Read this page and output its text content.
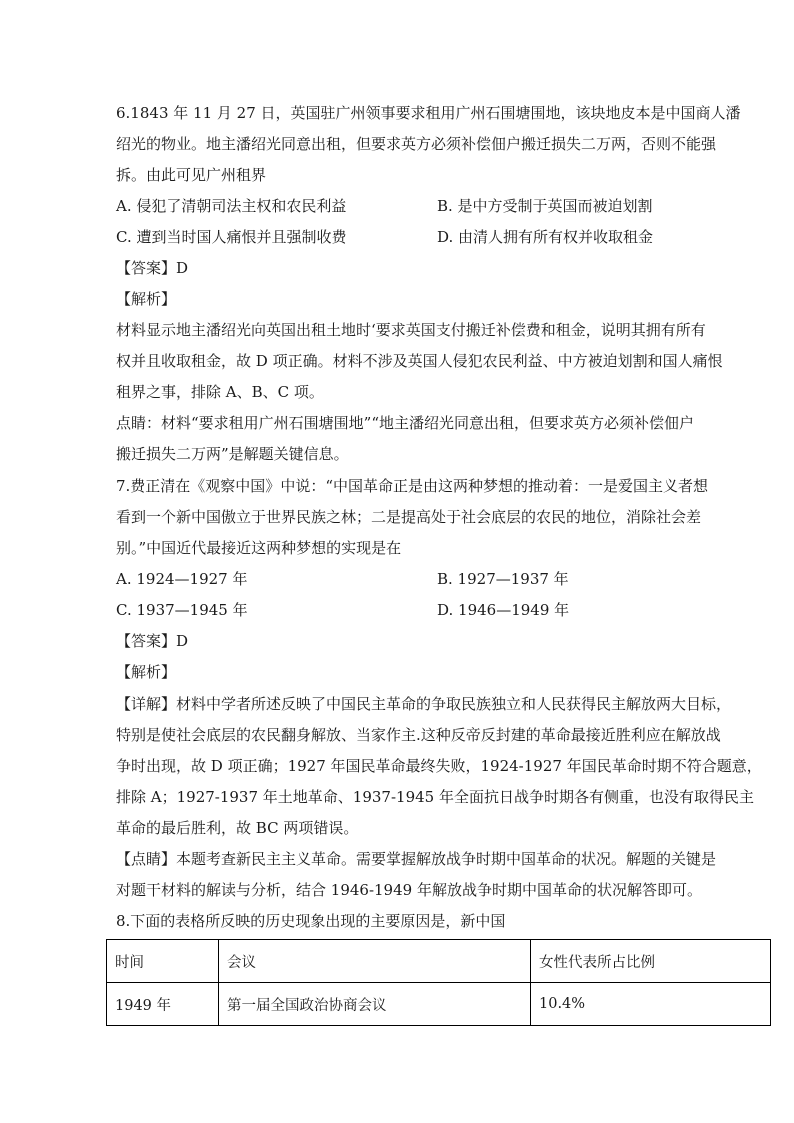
6.1843 年 11 月 27 日，英国驻广州领事要求租用广州石围塘围地，该块地皮本是中国商人潘
绍光的物业。地主潘绍光同意出租，但要求英方必须补偿佃户搬迁损失二万两，否则不能强
拆。由此可见广州租界
A. 侵犯了清朝司法主权和农民利益	B. 是中方受制于英国而被迫划割
C. 遭到当时国人痛恨并且强制收费	D. 由清人拥有所有权并收取租金
【答案】D
【解析】
材料显示地主潘绍光向英国出租土地时‘要求英国支付搬迁补偿费和租金，说明其拥有所有
权并且收取租金，故 D 项正确。材料不涉及英国人侵犯农民利益、中方被迫划割和国人痛恨
租界之事，排除 A、B、C 项。
点睛：材料“要求租用广州石围塘围地”“地主潘绍光同意出租，但要求英方必须补偿佃户
搬迁损失二万两”是解题关键信息。
7.费正清在《观察中国》中说：“中国革命正是由这两种梦想的推动着：一是爱国主义者想
看到一个新中国傲立于世界民族之林；二是提高处于社会底层的农民的地位，消除社会差
别。”中国近代最接近这两种梦想的实现是在
A. 1924—1927 年	B. 1927—1937 年
C. 1937—1945 年	D. 1946—1949 年
【答案】D
【解析】
【详解】材料中学者所述反映了中国民主革命的争取民族独立和人民获得民主解放两大目标，
特别是使社会底层的农民翻身解放、当家作主.这种反帝反封建的革命最接近胜利应在解放战
争时出现，故 D 项正确；1927 年国民革命最终失败，1924-1927 年国民革命时期不符合题意，
排除 A；1927-1937 年土地革命、1937-1945 年全面抗日战争时期各有侧重，也没有取得民主
革命的最后胜利，故 BC 两项错误。
【点睛】本题考查新民主主义革命。需要掌握解放战争时期中国革命的状况。解题的关键是
对题干材料的解读与分析，结合 1946-1949 年解放战争时期中国革命的状况解答即可。
8.下面的表格所反映的历史现象出现的主要原因是，新中国
时间	会议	女性代表所占比例
1949 年	第一届全国政治协商会议	10.4%
